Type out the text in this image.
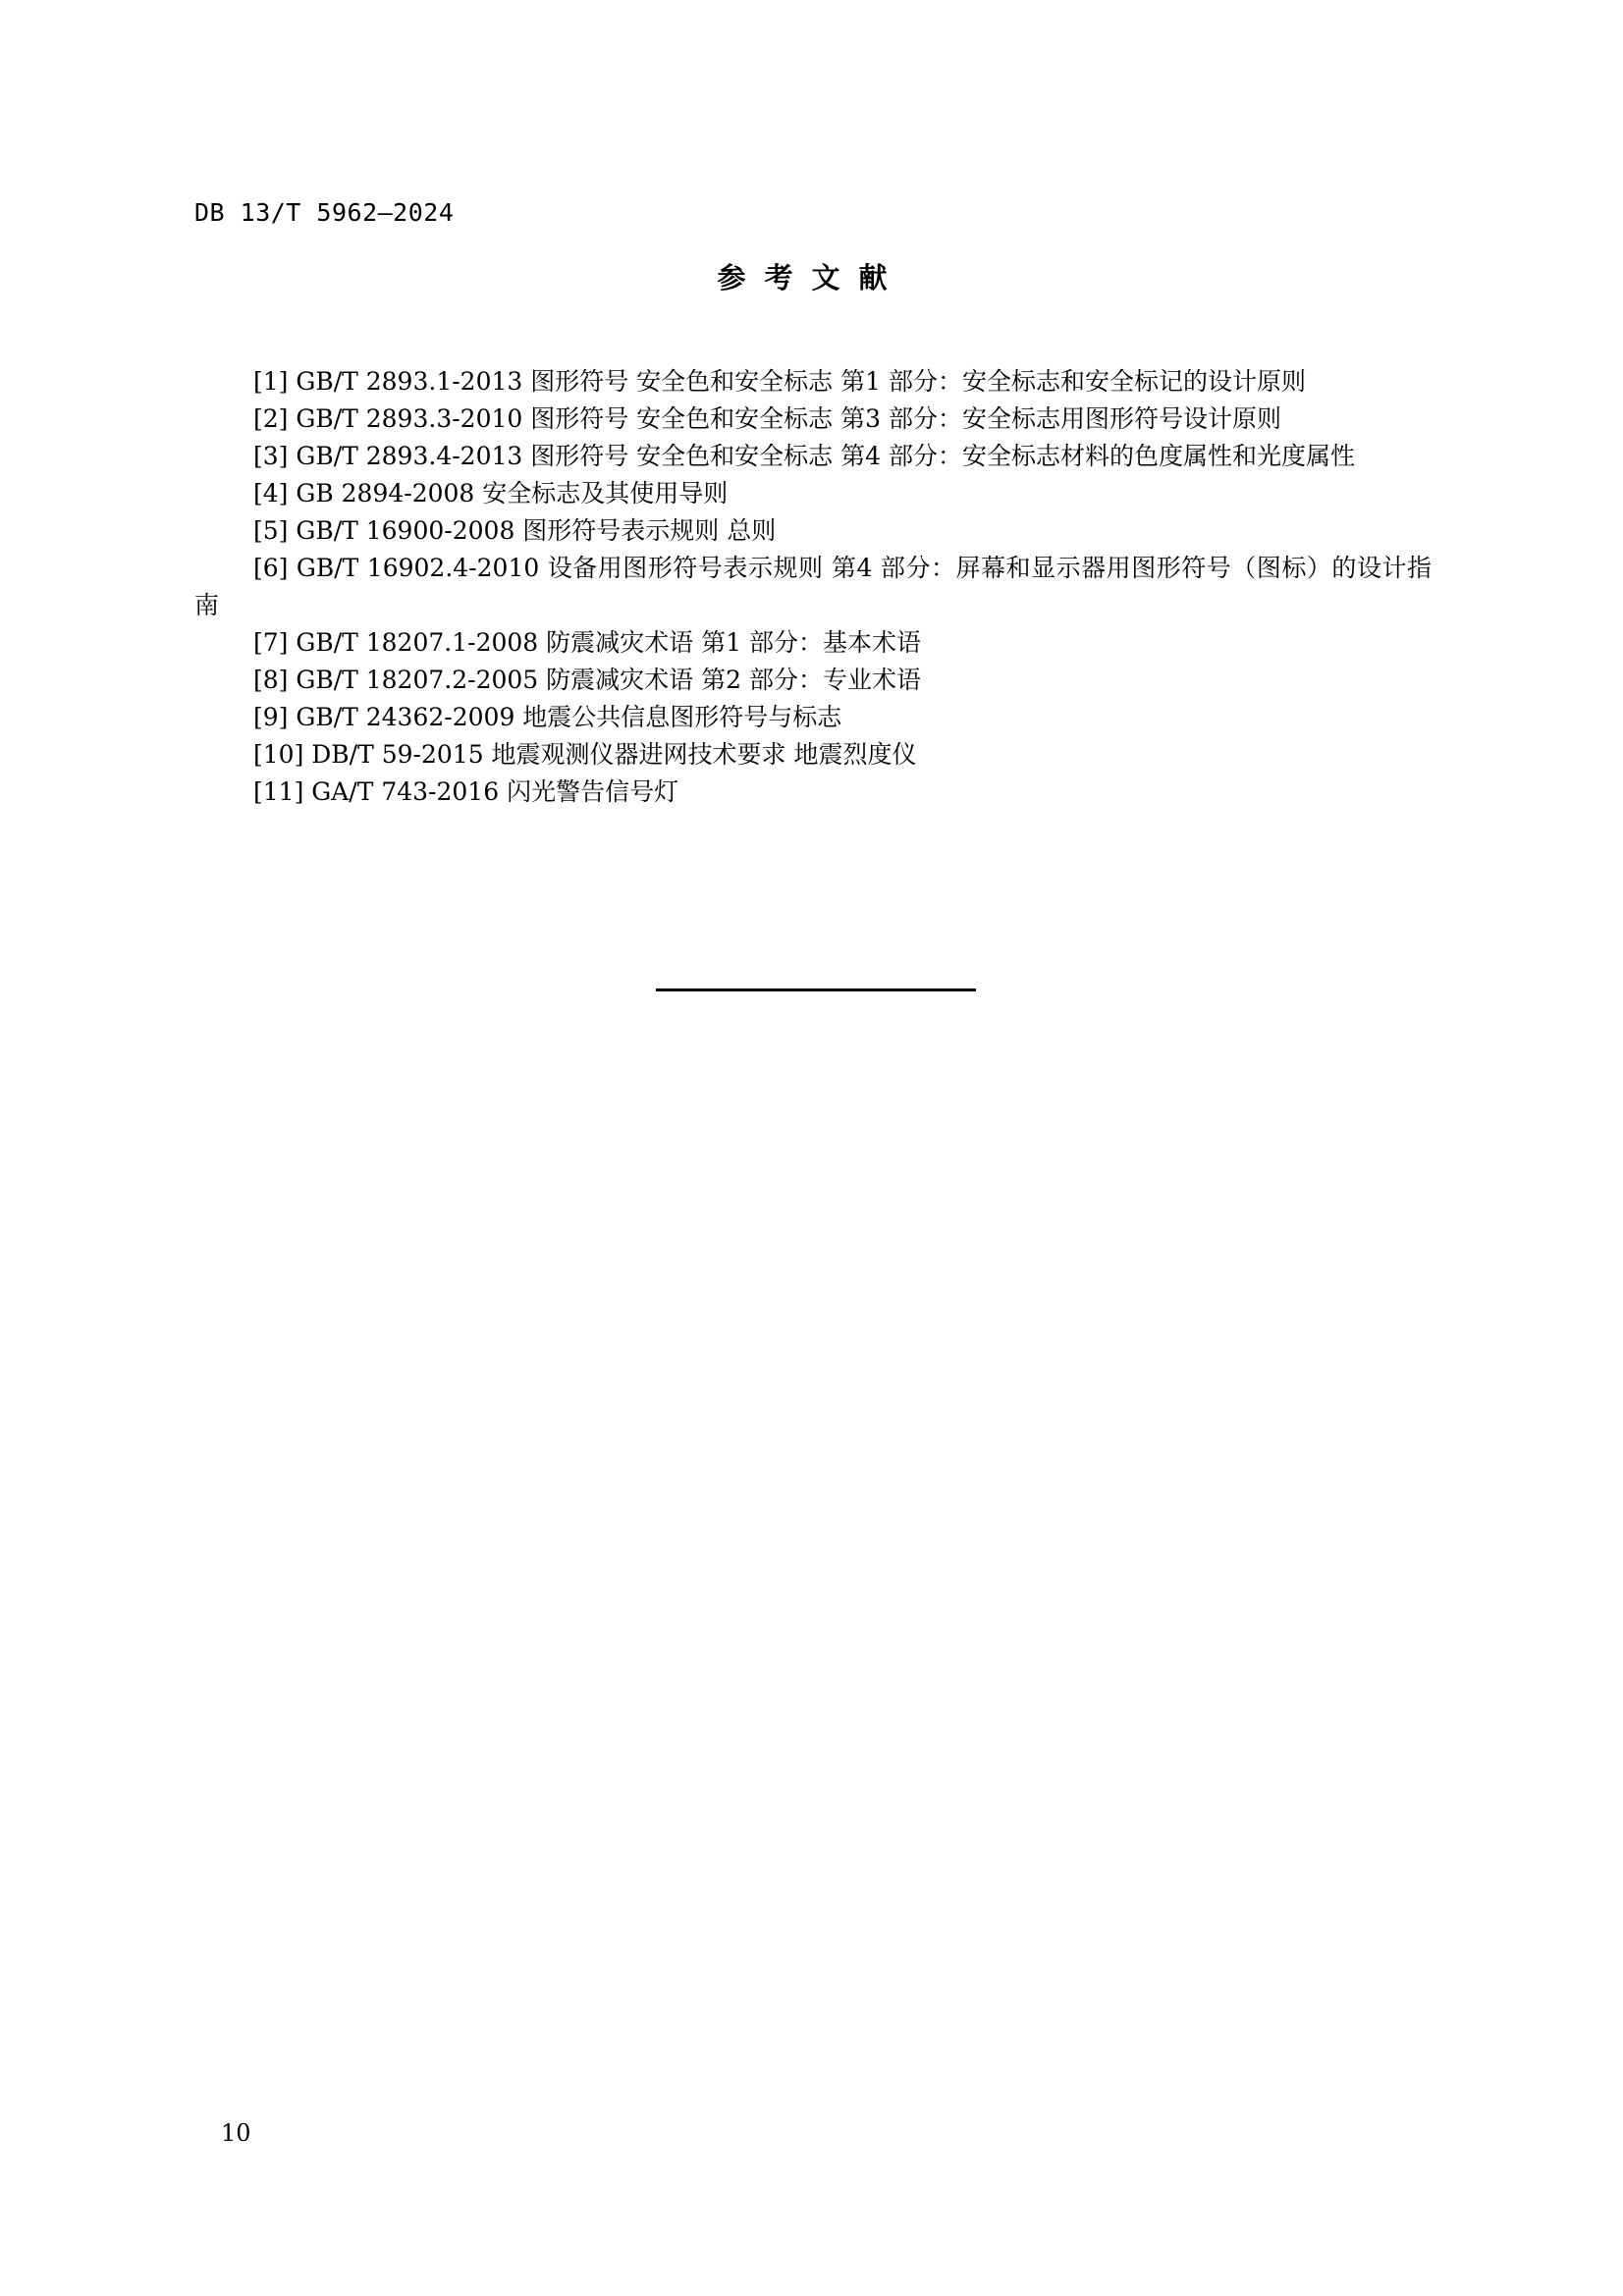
DB 13/T 5962—2024
参考文献
[1] GB/T 2893.1-2013 图形符号 安全色和安全标志 第1 部分：安全标志和安全标记的设计原则
[2] GB/T 2893.3-2010 图形符号 安全色和安全标志 第3 部分：安全标志用图形符号设计原则
[3] GB/T 2893.4-2013 图形符号 安全色和安全标志 第4 部分：安全标志材料的色度属性和光度属性
[4] GB 2894-2008 安全标志及其使用导则
[5] GB/T 16900-2008 图形符号表示规则 总则
[6] GB/T 16902.4-2010 设备用图形符号表示规则 第4 部分：屏幕和显示器用图形符号（图标）的设计指南
[7] GB/T 18207.1-2008 防震减灾术语 第1 部分：基本术语
[8] GB/T 18207.2-2005 防震减灾术语 第2 部分：专业术语
[9] GB/T 24362-2009 地震公共信息图形符号与标志
[10] DB/T 59-2015 地震观测仪器进网技术要求 地震烈度仪
[11] GA/T 743-2016 闪光警告信号灯
10
